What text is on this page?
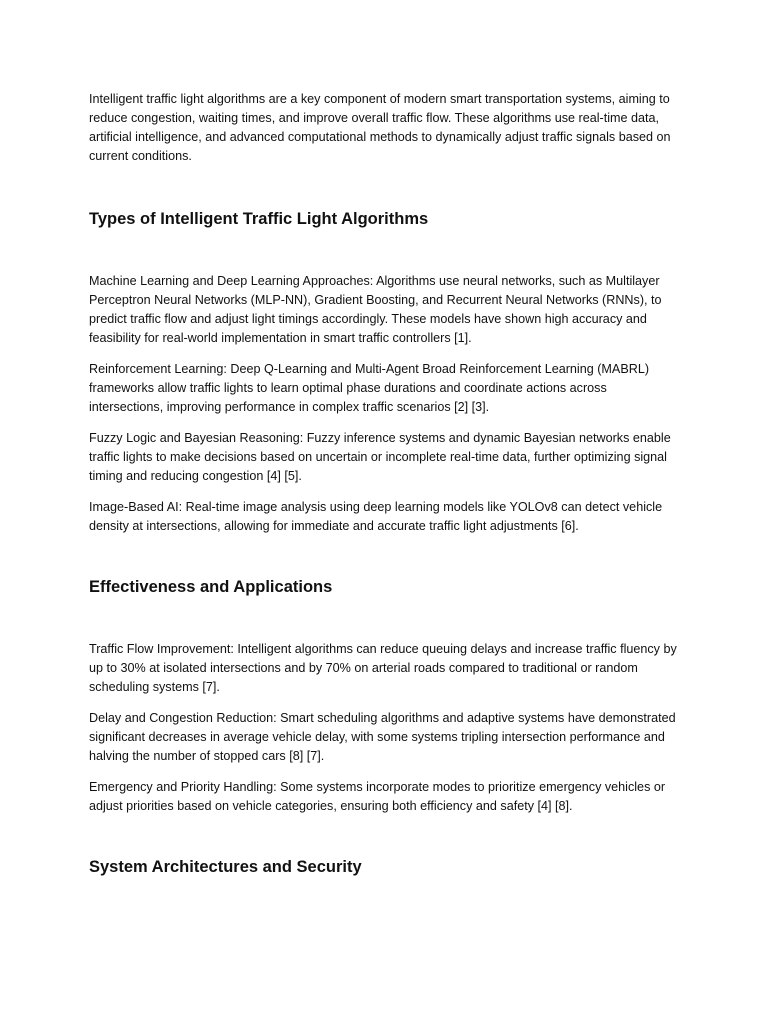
Intelligent traffic light algorithms are a key component of modern smart transportation systems, aiming to reduce congestion, waiting times, and improve overall traffic flow. These algorithms use real-time data, artificial intelligence, and advanced computational methods to dynamically adjust traffic signals based on current conditions.

Types of Intelligent Traffic Light Algorithms

Machine Learning and Deep Learning Approaches: Algorithms use neural networks, such as Multilayer Perceptron Neural Networks (MLP-NN), Gradient Boosting, and Recurrent Neural Networks (RNNs), to predict traffic flow and adjust light timings accordingly. These models have shown high accuracy and feasibility for real-world implementation in smart traffic controllers [1].

Reinforcement Learning: Deep Q-Learning and Multi-Agent Broad Reinforcement Learning (MABRL) frameworks allow traffic lights to learn optimal phase durations and coordinate actions across intersections, improving performance in complex traffic scenarios [2] [3].

Fuzzy Logic and Bayesian Reasoning: Fuzzy inference systems and dynamic Bayesian networks enable traffic lights to make decisions based on uncertain or incomplete real-time data, further optimizing signal timing and reducing congestion [4] [5].

Image-Based AI: Real-time image analysis using deep learning models like YOLOv8 can detect vehicle density at intersections, allowing for immediate and accurate traffic light adjustments [6].

Effectiveness and Applications

Traffic Flow Improvement: Intelligent algorithms can reduce queuing delays and increase traffic fluency by up to 30% at isolated intersections and by 70% on arterial roads compared to traditional or random scheduling systems [7].

Delay and Congestion Reduction: Smart scheduling algorithms and adaptive systems have demonstrated significant decreases in average vehicle delay, with some systems tripling intersection performance and halving the number of stopped cars [8] [7].

Emergency and Priority Handling: Some systems incorporate modes to prioritize emergency vehicles or adjust priorities based on vehicle categories, ensuring both efficiency and safety [4] [8].

System Architectures and Security
